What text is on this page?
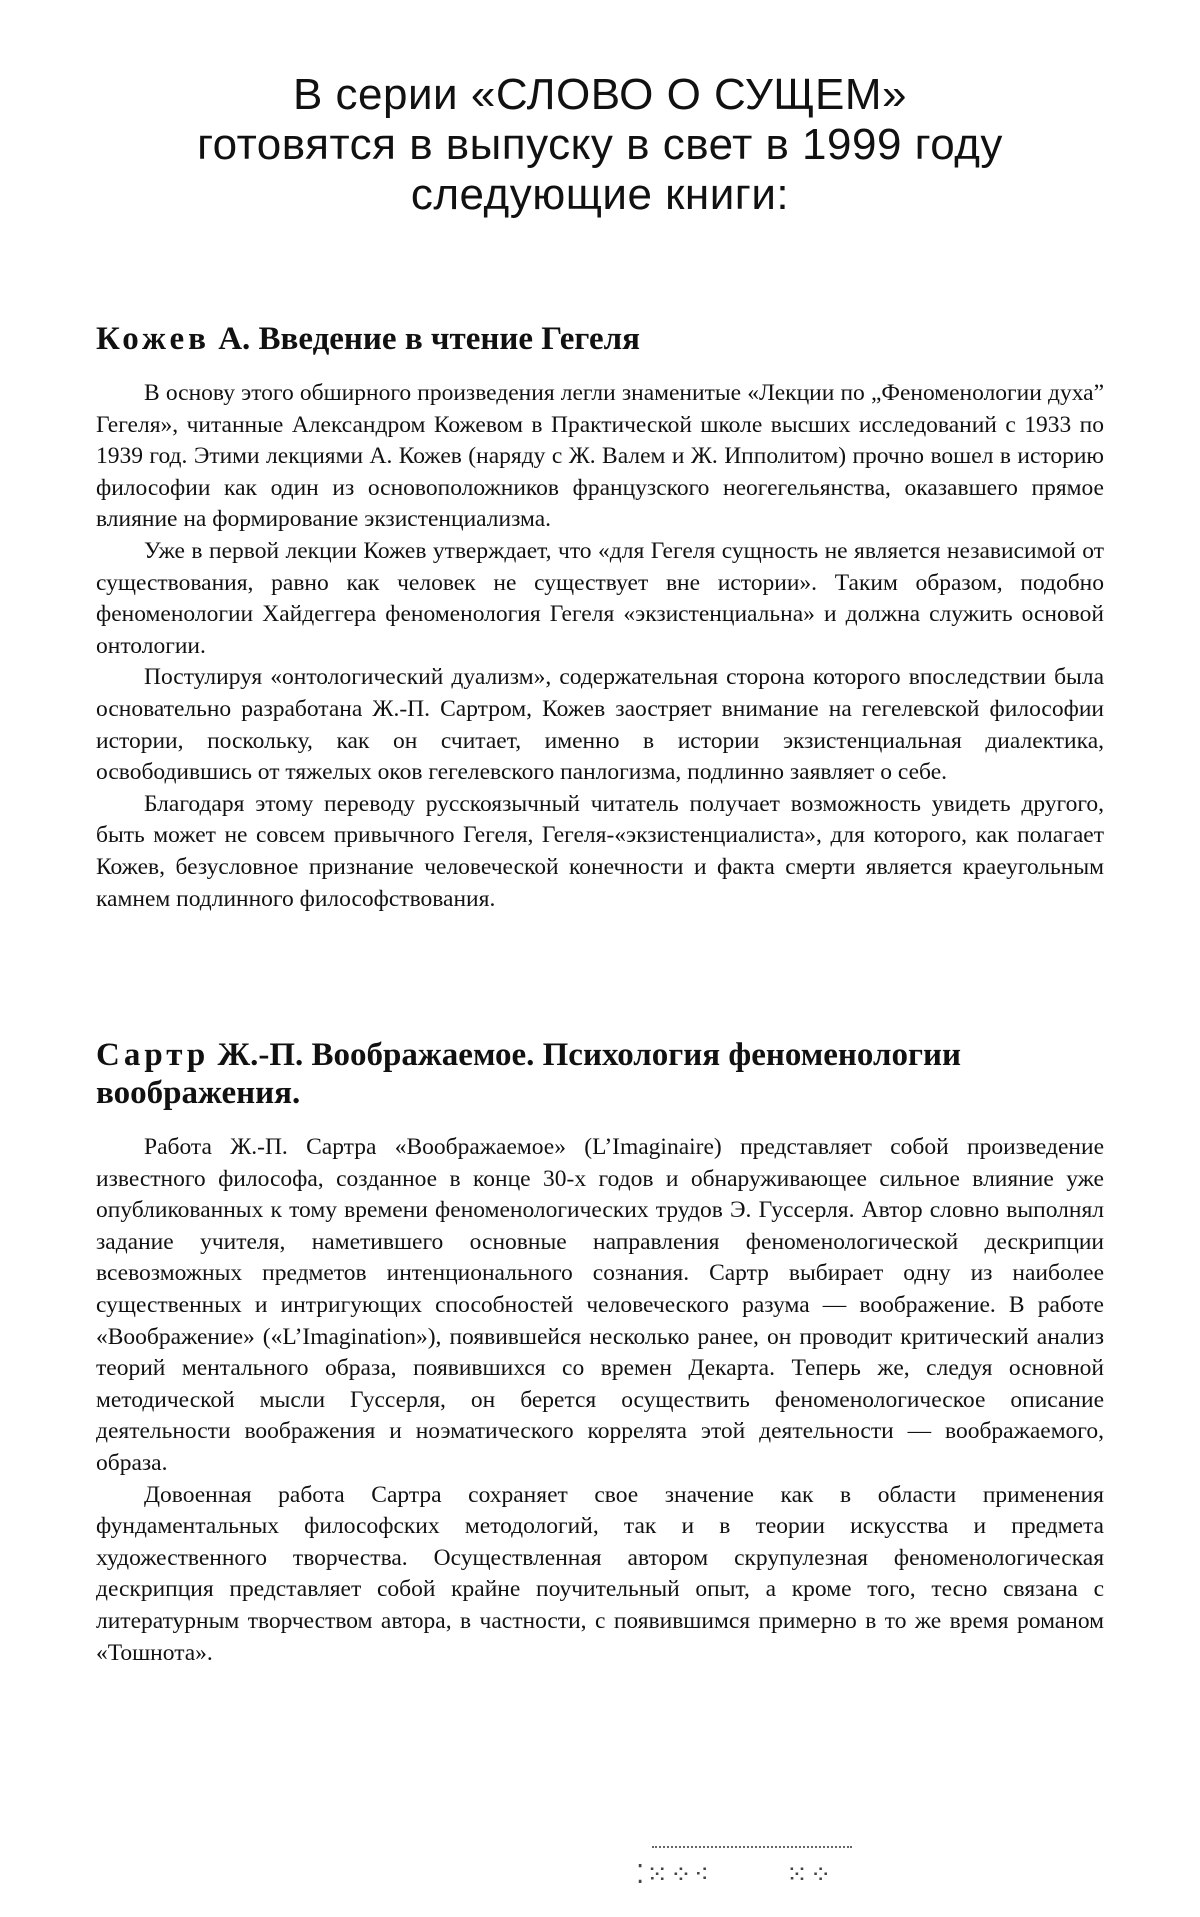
В серии «СЛОВО О СУЩЕМ»
готовятся в выпуску в свет в 1999 году
следующие книги:
Кожев А. Введение в чтение Гегеля

В основу этого обширного произведения легли знаменитые «Лекции по „Феноменологии духа” Гегеля», читанные Александром Кожевом в Практической школе высших исследований с 1933 по 1939 год. Этими лекциями А. Кожев (наряду с Ж. Валем и Ж. Ипполитом) прочно вошел в историю философии как один из основоположников французского неогегельянства, оказавшего прямое влияние на формирование экзистенциализма.

Уже в первой лекции Кожев утверждает, что «для Гегеля сущность не является независимой от существования, равно как человек не существует вне истории». Таким образом, подобно феноменологии Хайдеггера феноменология Гегеля «экзистенциальна» и должна служить основой онтологии.

Постулируя «онтологический дуализм», содержательная сторона которого впоследствии была основательно разработана Ж.-П. Сартром, Кожев заостряет внимание на гегелевской философии истории, поскольку, как он считает, именно в истории экзистенциальная диалектика, освободившись от тяжелых оков гегелевского панлогизма, подлинно заявляет о себе.

Благодаря этому переводу русскоязычный читатель получает возможность увидеть другого, быть может не совсем привычного Гегеля, Гегеля-«экзистенциалиста», для которого, как полагает Кожев, безусловное признание человеческой конечности и факта смерти является краеугольным камнем подлинного философствования.

Сартр Ж.-П. Воображаемое. Психология феноменологии воображения.

Работа Ж.-П. Сартра «Воображаемое» (L’Imaginaire) представляет собой произведение известного философа, созданное в конце 30-х годов и обнаруживающее сильное влияние уже опубликованных к тому времени феноменологических трудов Э. Гуссерля. Автор словно выполнял задание учителя, наметившего основные направления феноменологической дескрипции всевозможных предметов интенционального сознания. Сартр выбирает одну из наиболее существенных и интригующих способностей человеческого разума — воображение. В работе «Воображение» («L’Imagination»), появившейся несколько ранее, он проводит критический анализ теорий ментального образа, появившихся со времен Декарта. Теперь же, следуя основной методической мысли Гуссерля, он берется осуществить феноменологическое описание деятельности воображения и ноэматического коррелята этой деятельности — воображаемого, образа.

Довоенная работа Сартра сохраняет свое значение как в области применения фундаментальных философских методологий, так и в теории искусства и предмета художественного творчества. Осуществленная автором скрупулезная феноменологическая дескрипция представляет собой крайне поучительный опыт, а кроме того, тесно связана с литературным творчеством автора, в частности, с появившимся примерно в то же время романом «Тошнота».

⁚⁙⁘⁖	⁙⁘
